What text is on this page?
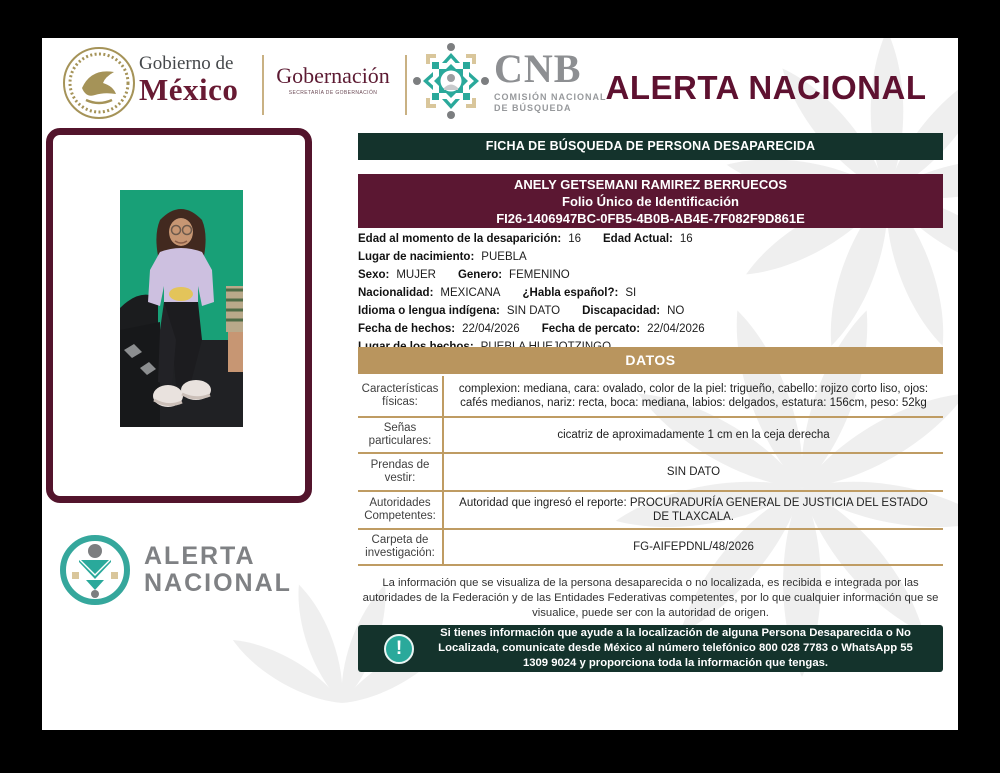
Gobierno de
México Gobernación
SECRETARÍA DE GOBERNACIÓN
CNB
COMISIÓN NACIONAL
DE BÚSQUEDA
ALERTA NACIONAL
ALERTA
NACIONAL
FICHA DE BÚSQUEDA DE PERSONA DESAPARECIDA
ANELY GETSEMANI RAMIREZ BERRUECOS
Folio Único de Identificación
FI26-1406947BC-0FB5-4B0B-AB4E-7F082F9D861E
Edad al momento de la desaparición: 16 Edad Actual: 16
Lugar de nacimiento: PUEBLA
Sexo: MUJER Genero: FEMENINO
Nacionalidad: MEXICANA ¿Habla español?: SI
Idioma o lengua indígena: SIN DATO Discapacidad: NO
Fecha de hechos: 22/04/2026 Fecha de percato: 22/04/2026
DATOS
Características físicas:
complexion: mediana, cara: ovalado, color de la piel: trigueño, cabello: rojizo corto liso, ojos: cafés medianos, nariz: recta, boca: mediana, labios: delgados, estatura: 156cm, peso: 52kg
Señas particulares:	cicatriz de aproximadamente 1 cm en la ceja derecha
Prendas de vestir:	SIN DATO
Autoridades Competentes:
Autoridad que ingresó el reporte: PROCURADURÍA GENERAL DE JUSTICIA DEL ESTADO DE TLAXCALA.
Carpeta de investigación:	FG-AIFEPDNL/48/2026
La información que se visualiza de la persona desaparecida o no localizada, es recibida e integrada por las autoridades de la Federación y de las Entidades Federativas competentes, por lo que cualquier información que se visualice, puede ser con la autoridad de origen.
!
Si tienes información que ayude a la localización de alguna Persona Desaparecida o No Localizada, comunicate desde México al número telefónico 800 028 7783 o WhatsApp 55 1309 9024 y proporciona toda la información que tengas.
